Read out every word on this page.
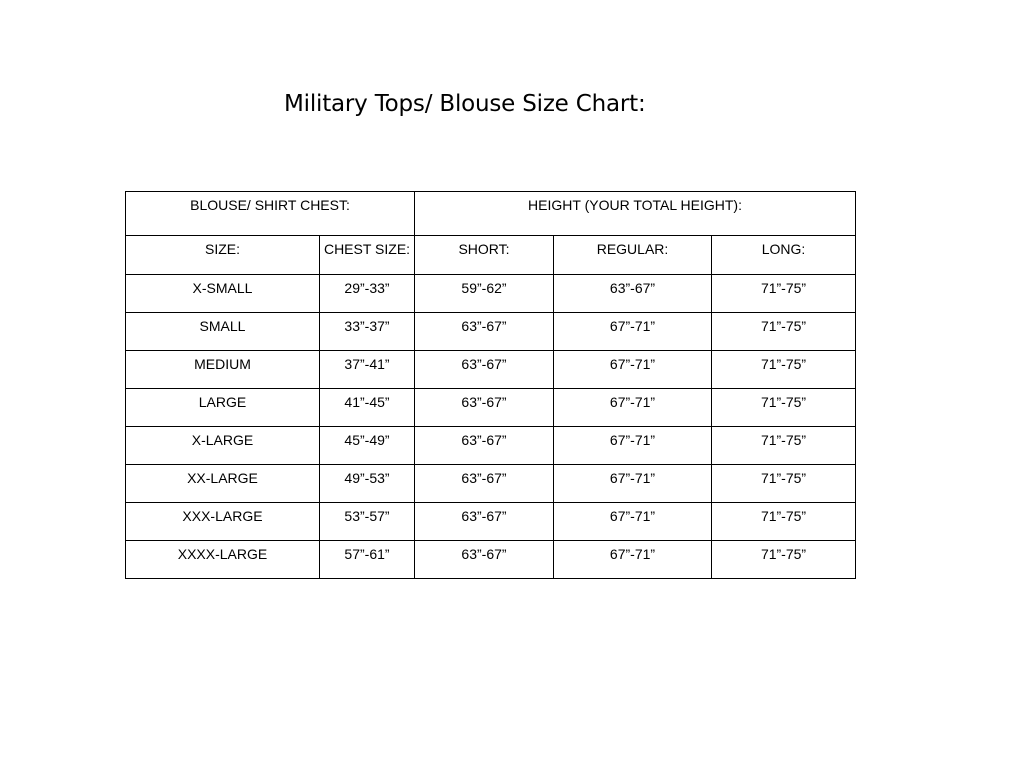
Military Tops/ Blouse Size Chart:
BLOUSE/ SHIRT CHEST:		HEIGHT (YOUR TOTAL HEIGHT):		
SIZE:	CHEST SIZE:	SHORT:	REGULAR:	LONG:
X-SMALL	29”-33”	59”-62”	63”-67”	71”-75”
SMALL	33”-37”	63”-67”	67”-71”	71”-75”
MEDIUM	37”-41”	63”-67”	67”-71”	71”-75”
LARGE	41”-45”	63”-67”	67”-71”	71”-75”
X-LARGE	45”-49”	63”-67”	67”-71”	71”-75”
XX-LARGE	49”-53”	63”-67”	67”-71”	71”-75”
XXX-LARGE	53”-57”	63”-67”	67”-71”	71”-75”
XXXX-LARGE	57”-61”	63”-67”	67”-71”	71”-75”
